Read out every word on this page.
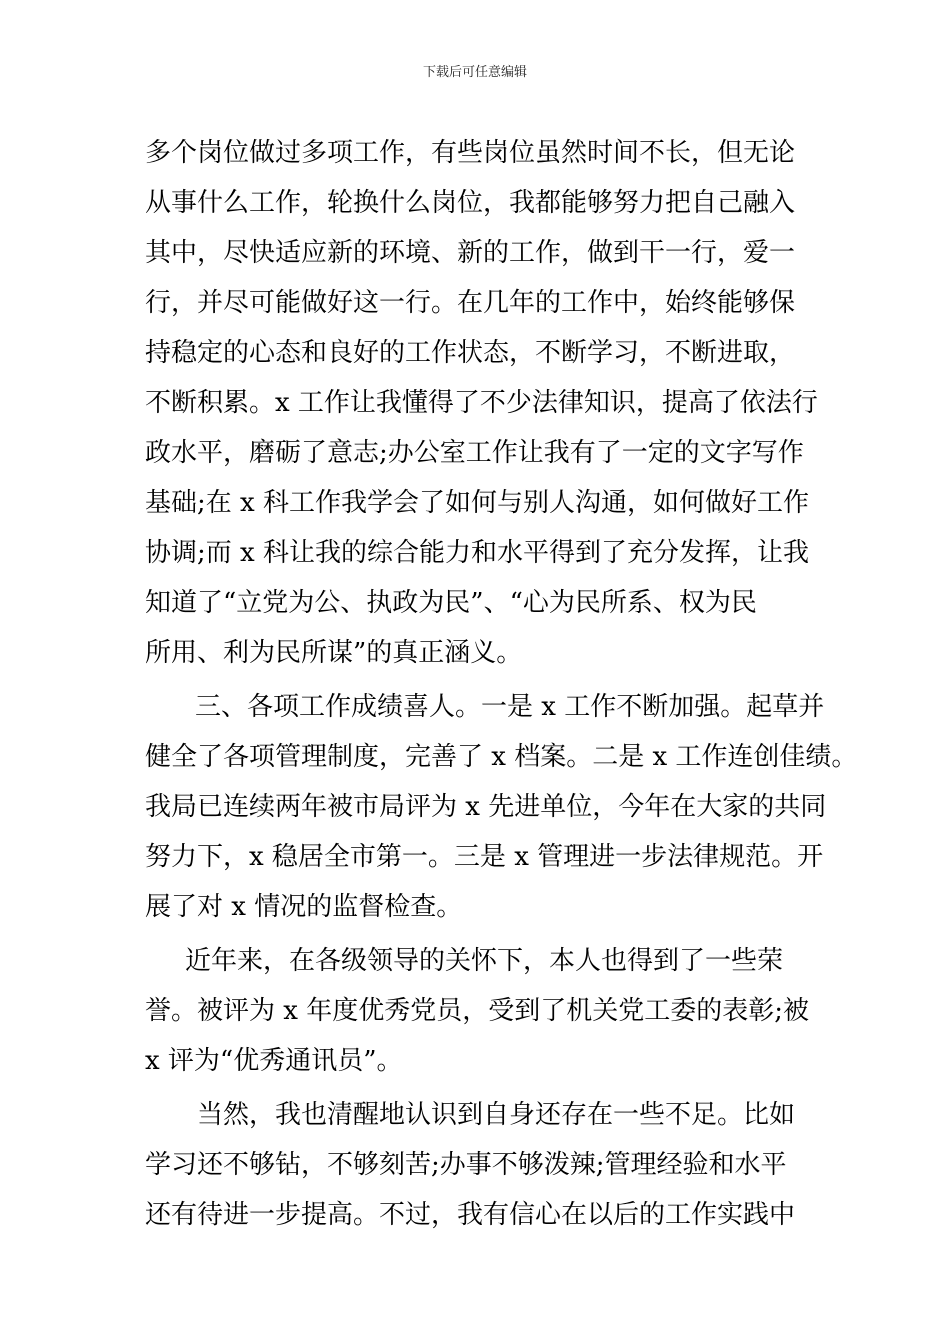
下载后可任意编辑
多个岗位做过多项工作，有些岗位虽然时间不长，但无论
从事什么工作，轮换什么岗位，我都能够努力把自己融入
其中，尽快适应新的环境、新的工作，做到干一行，爱一
行，并尽可能做好这一行。在几年的工作中，始终能够保
持稳定的心态和良好的工作状态，不断学习，不断进取，
不断积累。x 工作让我懂得了不少法律知识，提高了依法行
政水平，磨砺了意志;办公室工作让我有了一定的文字写作
基础;在 x 科工作我学会了如何与别人沟通，如何做好工作
协调;而 x 科让我的综合能力和水平得到了充分发挥，让我
知道了“立党为公、执政为民”、“心为民所系、权为民
所用、利为民所谋”的真正涵义。
三、各项工作成绩喜人。一是 x 工作不断加强。起草并
健全了各项管理制度，完善了 x 档案。二是 x 工作连创佳绩。
我局已连续两年被市局评为 x 先进单位，今年在大家的共同
努力下，x 稳居全市第一。三是 x 管理进一步法律规范。开
展了对 x 情况的监督检查。
近年来，在各级领导的关怀下，本人也得到了一些荣
誉。被评为 x 年度优秀党员，受到了机关党工委的表彰;被
x 评为“优秀通讯员”。
当然，我也清醒地认识到自身还存在一些不足。比如
学习还不够钻，不够刻苦;办事不够泼辣;管理经验和水平
还有待进一步提高。不过，我有信心在以后的工作实践中
